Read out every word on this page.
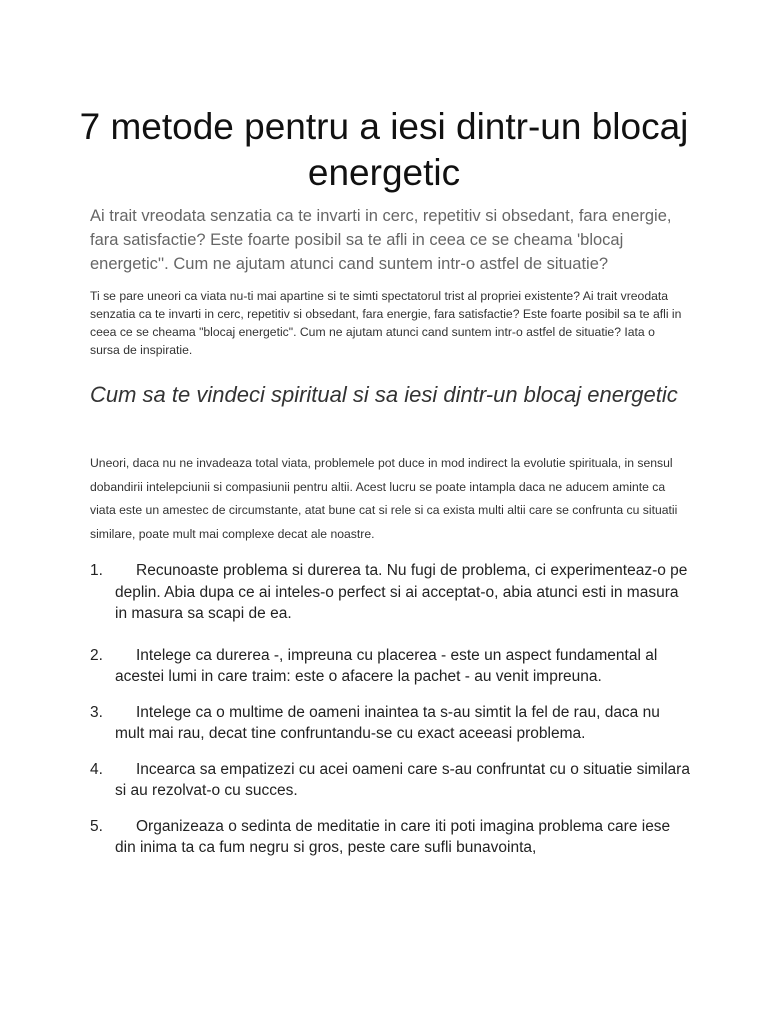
7 metode pentru a iesi dintr-un blocaj energetic

Ai trait vreodata senzatia ca te invarti in cerc, repetitiv si obsedant, fara energie, fara satisfactie? Este foarte posibil sa te afli in ceea ce se cheama 'blocaj energetic''. Cum ne ajutam atunci cand suntem intr-o astfel de situatie?

Ti se pare uneori ca viata nu-ti mai apartine si te simti spectatorul trist al propriei existente? Ai trait vreodata senzatia ca te invarti in cerc, repetitiv si obsedant, fara energie, fara satisfactie? Este foarte posibil sa te afli in ceea ce se cheama "blocaj energetic". Cum ne ajutam atunci cand suntem intr-o astfel de situatie? Iata o sursa de inspiratie.

Cum sa te vindeci spiritual si sa iesi dintr-un blocaj energetic

Uneori, daca nu ne invadeaza total viata, problemele pot duce in mod indirect la evolutie spirituala, in sensul dobandirii intelepciunii si compasiunii pentru altii. Acest lucru se poate intampla daca ne aducem aminte ca viata este un amestec de circumstante, atat bune cat si rele si ca exista multi altii care se confrunta cu situatii similare, poate mult mai complexe decat ale noastre.

1.	Recunoaste problema si durerea ta. Nu fugi de problema, ci experimenteaz-o pe deplin. Abia dupa ce ai inteles-o perfect si ai acceptat-o, abia atunci esti in masura in masura sa scapi de ea.
2.	Intelege ca durerea -, impreuna cu placerea - este un aspect fundamental al acestei lumi in care traim: este o afacere la pachet - au venit impreuna.
3.	Intelege ca o multime de oameni inaintea ta s-au simtit la fel de rau, daca nu mult mai rau, decat tine confruntandu-se cu exact aceeasi problema.
4.	Incearca sa empatizezi cu acei oameni care s-au confruntat cu o situatie similara si au rezolvat-o cu succes.
5.	Organizeaza o sedinta de meditatie in care iti poti imagina problema care iese din inima ta ca fum negru si gros, peste care sufli bunavointa,
